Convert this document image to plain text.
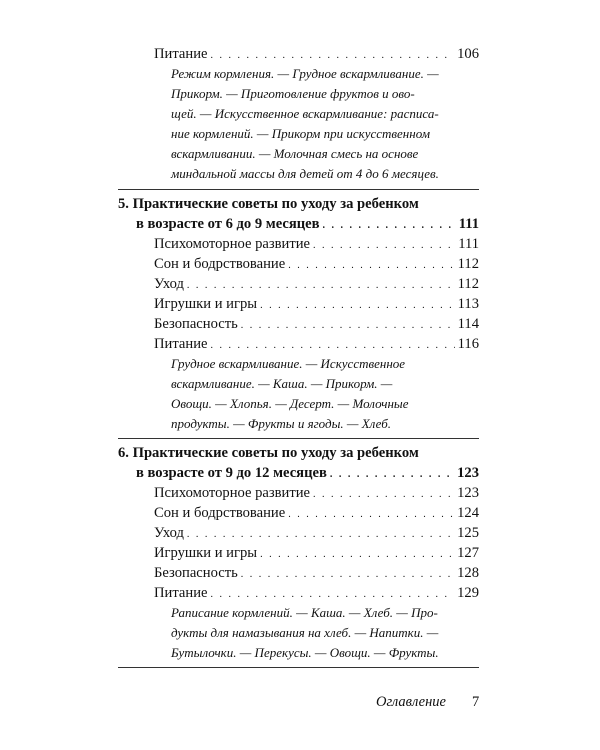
Питание . . .	106
Режим кормления. — Грудное вскармливание. —
Прикорм. — Приготовление фруктов и ово-
щей. — Искусственное вскармливание: расписа-
ние кормлений. — Прикорм при искусственном
вскармливании. — Молочная смесь на основе
миндальной массы для детей от 4 до 6 месяцев.
5. Практические советы по уходу за ребенком
в возрасте от 6 до 9 месяцев . . .	111
Психомоторное развитие . . .	111
Сон и бодрствование . . .	112
Уход . . .	112
Игрушки и игры . . .	113
Безопасность . . .	114
Питание . . .	116
Грудное вскармливание. — Искусственное
вскармливание. — Каша. — Прикорм. —
Овощи. — Хлопья. — Десерт. — Молочные
продукты. — Фрукты и ягоды. — Хлеб.
6. Практические советы по уходу за ребенком
в возрасте от 9 до 12 месяцев . . .	123
Психомоторное развитие . . .	123
Сон и бодрствование . . .	124
Уход . . .	125
Игрушки и игры . . .	127
Безопасность . . .	128
Питание . . .	129
Рапиcание кормлений. — Каша. — Хлеб. — Про-
дукты для намазывания на хлеб. — Напитки. —
Бутылочки. — Перекусы. — Овощи. — Фрукты.
Оглавление 7
